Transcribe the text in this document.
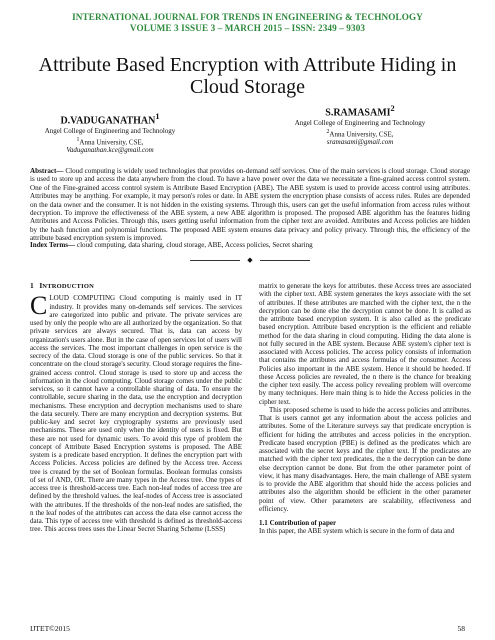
INTERNATIONAL JOURNAL FOR TRENDS IN ENGINEERING & TECHNOLOGY
VOLUME 3 ISSUE 3 – MARCH 2015 – ISSN: 2349 – 9303
Attribute Based Encryption with Attribute Hiding in Cloud Storage
D.VADUGANATHAN$^1$
Angel College of Engineering and Technology
$^1$Anna University, CSE,
Vaduganathan.kce@gmail.com
S.RAMASAMI$^2$
Angel College of Engineering and Technology
$^2$Anna University, CSE,
sramasami@gmail.com
Abstract— Cloud computing is widely used technologies that provides on-demand self services. One of the main services is cloud storage. Cloud storage is used to store up and access the data anywhere from the cloud. To have a have power over the data we necessitate a fine-grained access control system. One of the Fine-grained access control system is Attribute Based Encryption (ABE). The ABE system is used to provide access control using attributes. Attributes may be anything. For example, it may person's roles or date. In ABE system the encryption phase consists of access rules. Rules are depended on the data owner and the consumer. It is not hidden in the existing systems. Through this, users can get the useful information from access rules without decryption. To improve the effectiveness of the ABE system, a new ABE algorithm is proposed. The proposed ABE algorithm has the features hiding Attributes and Access Policies. Through this, users getting useful information from the cipher text are avoided. Attributes and Access policies are hidden by the hash function and polynomial functions. The proposed ABE system ensures data privacy and policy privacy. Through this, the efficiency of the attribute based encryption system is improved.
Index Terms— cloud computing, data sharing, cloud storage, ABE, Access policies, Secret sharing
◆
1 INTRODUCTION
C LOUD COMPUTING Cloud computing is mainly used in IT industry. It provides many on-demands self services. The services are categorized into public and private. The private services are used by only the people who are all authorized by the organization. So that private services are always secured. That is, data can access by organization's users alone. But in the case of open services lot of users will access the services. The most important challenges in open service is the secrecy of the data. Cloud storage is one of the public services. So that it concentrate on the cloud storage's security. Cloud storage requires the fine-grained access control. Cloud storage is used to store up and access the information in the cloud computing. Cloud storage comes under the public services, so it cannot have a controllable sharing of data. To ensure the controllable, secure sharing in the data, use the encryption and decryption mechanisms. These encryption and decryption mechanisms used to share the data securely. There are many encryption and decryption systems. But public-key and secret key cryptography systems are previously used mechanisms. These are used only when the identity of users is fixed. But these are not used for dynamic users. To avoid this type of problem the concept of Attribute Based Encryption systems is proposed. The ABE system is a predicate based encryption. It defines the encryption part with Access Policies. Access policies are defined by the Access tree. Access tree is created by the set of Boolean formulas. Boolean formulas consists of set of AND, OR. There are many types in the Access tree. One types of access tree is threshold-access tree. Each non-leaf nodes of access tree are defined by the threshold values. the leaf-nodes of Access tree is associated with the attributes. If the thresholds of the non-leaf nodes are satisfied, the n the leaf nodes of the attributes can access the data else cannot access the data. This type of access tree with threshold is defined as threshold-access tree. This access trees uses the Linear Secret Sharing Scheme (LSSS)

matrix to generate the keys for attributes. these Access trees are associated with the cipher text. ABE system generates the keys associate with the set of attributes. If these attributes are matched with the cipher text, the n the decryption can be done else the decryption cannot be done. It is called as the attribute based encryption system. It is also called as the predicate based encryption. Attribute based encryption is the efficient and reliable method for the data sharing in cloud computing. Hiding the data alone is not fully secured in the ABE system. Because ABE system's cipher text is associated with Access policies. The access policy consists of information that contains the attributes and access formulas of the consumer. Access Policies also important in the ABE system. Hence it should be heeded. If these Access policies are revealed, the n there is the chance for breaking the cipher text easily. The access policy revealing problem will overcome by many techniques. Here main thing is to hide the Access policies in the cipher text.

This proposed scheme is used to hide the access policies and attributes. That is users cannot get any information about the access policies and attributes. Some of the Literature surveys say that predicate encryption is efficient for hiding the attributes and access policies in the encryption. Predicate based encryption (PBE) is defined as the predicates which are associated with the secret keys and the cipher text. If the predicates are matched with the cipher text predicates, the n the decryption can be done else decryption cannot be done. But from the other parameter point of view, it has many disadvantages. Here, the main challenge of ABE system is to provide the ABE algorithm that should hide the access policies and attributes also the algorithm should be efficient in the other parameter point of view. Other parameters are scalability, effectiveness and efficiency.

1.1 Contribution of paper

In this paper, the ABE system which is secure in the form of data and

IJTET©2015	58
